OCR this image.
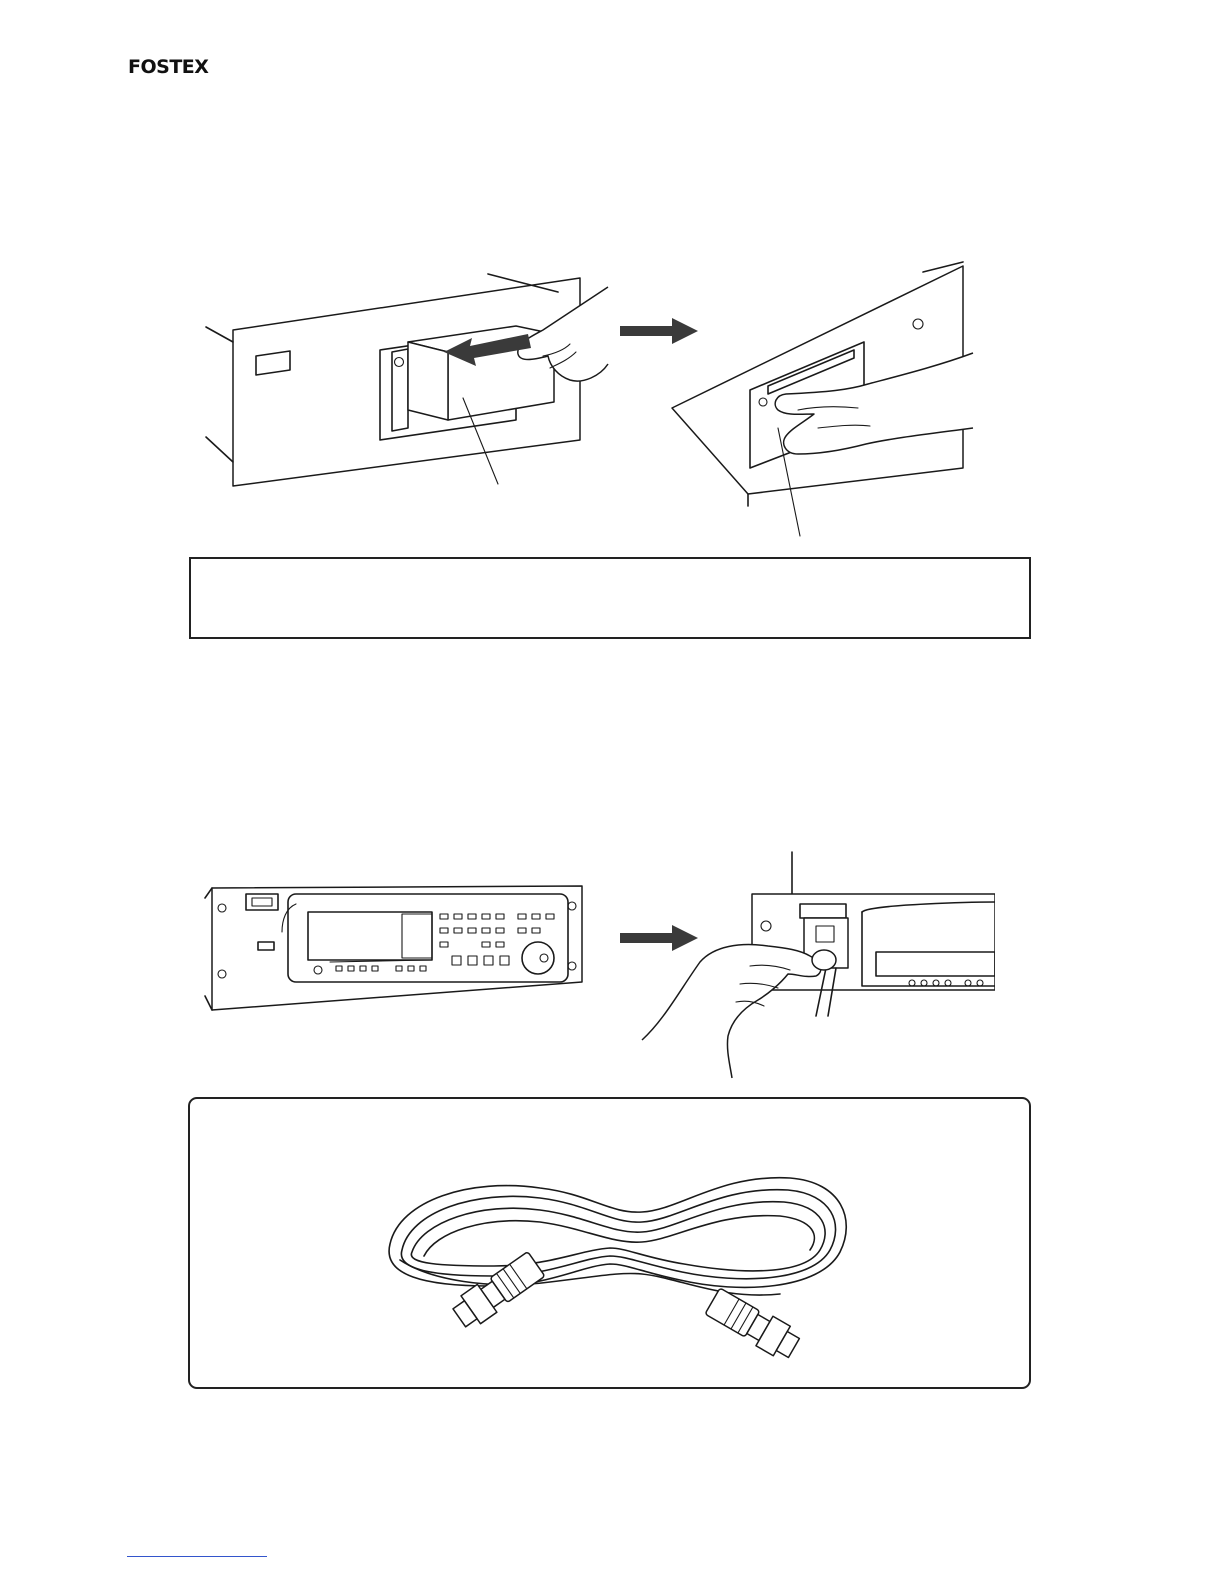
FOSTEX
